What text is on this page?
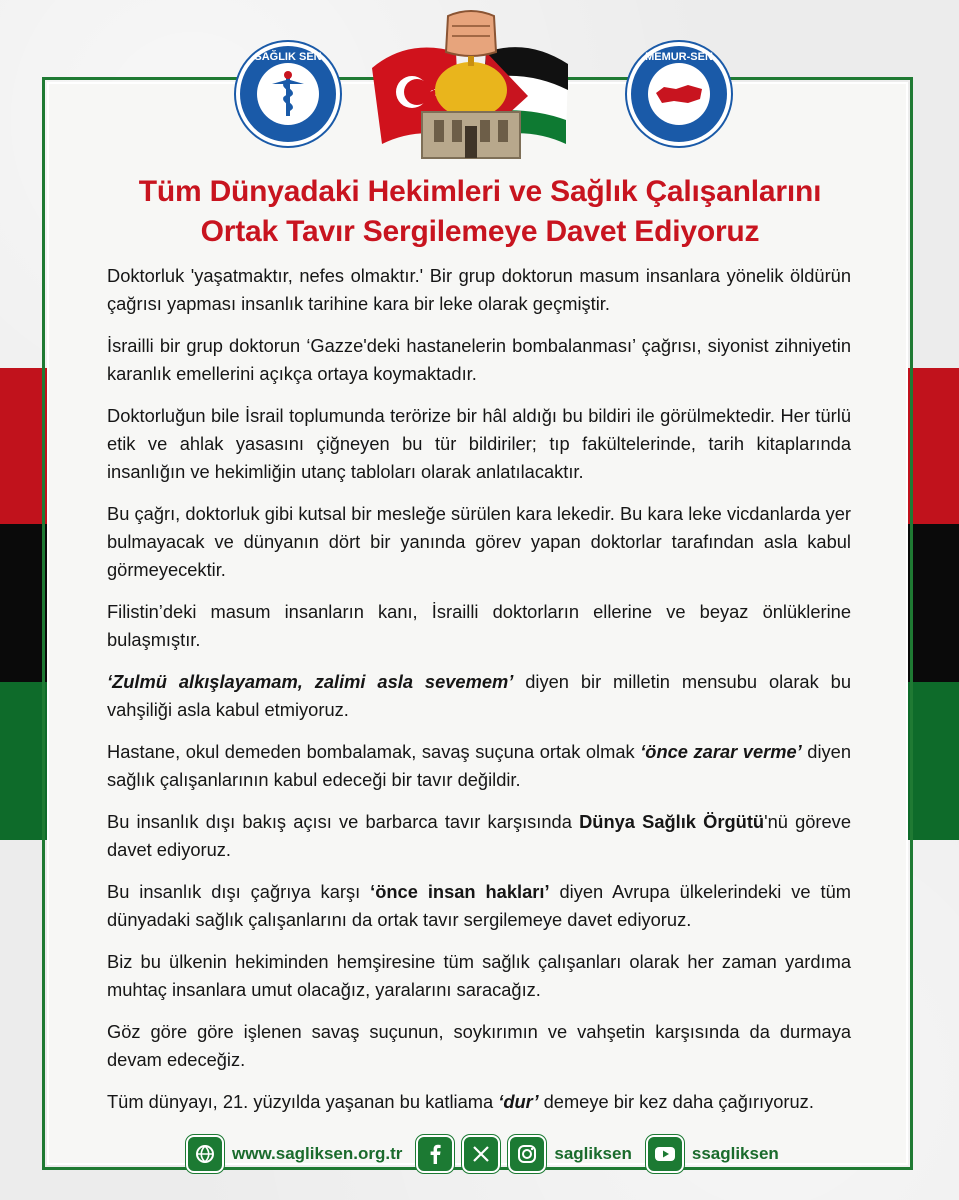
SAĞLIK SEN	MEMUR-SEN
Tüm Dünyadaki Hekimleri ve Sağlık Çalışanlarını
Ortak Tavır Sergilemeye Davet Ediyoruz

Doktorluk 'yaşatmaktır, nefes olmaktır.' Bir grup doktorun masum insanlara yönelik öldürün çağrısı yapması insanlık tarihine kara bir leke olarak geçmiştir.

İsrailli bir grup doktorun ‘Gazze'deki hastanelerin bombalanması’ çağrısı, siyonist zihniyetin karanlık emellerini açıkça ortaya koymaktadır.

Doktorluğun bile İsrail toplumunda terörize bir hâl aldığı bu bildiri ile görülmektedir. Her türlü etik ve ahlak yasasını çiğneyen bu tür bildiriler; tıp fakültelerinde, tarih kitaplarında insanlığın ve hekimliğin utanç tabloları olarak anlatılacaktır.

Bu çağrı, doktorluk gibi kutsal bir mesleğe sürülen kara lekedir. Bu kara leke vicdanlarda yer bulmayacak ve dünyanın dört bir yanında görev yapan doktorlar tarafından asla kabul görmeyecektir.

Filistin’deki masum insanların kanı, İsrailli doktorların ellerine ve beyaz önlüklerine bulaşmıştır.

‘Zulmü alkışlayamam, zalimi asla sevemem’ diyen bir milletin mensubu olarak bu vahşiliği asla kabul etmiyoruz.

Hastane, okul demeden bombalamak, savaş suçuna ortak olmak ‘önce zarar verme’ diyen sağlık çalışanlarının kabul edeceği bir tavır değildir.

Bu insanlık dışı bakış açısı ve barbarca tavır karşısında Dünya Sağlık Örgütü'nü göreve davet ediyoruz.

Bu insanlık dışı çağrıya karşı ‘önce insan hakları’ diyen Avrupa ülkelerindeki ve tüm dünyadaki sağlık çalışanlarını da ortak tavır sergilemeye davet ediyoruz.

Biz bu ülkenin hekiminden hemşiresine tüm sağlık çalışanları olarak her zaman yardıma muhtaç insanlara umut olacağız, yaralarını saracağız.

Göz göre göre işlenen savaş suçunun, soykırımın ve vahşetin karşısında da durmaya devam edeceğiz.

Tüm dünyayı, 21. yüzyılda yaşanan bu katliama ‘dur’ demeye bir kez daha çağırıyoruz.

www.sagliksen.org.tr	sagliksen	ssagliksen
